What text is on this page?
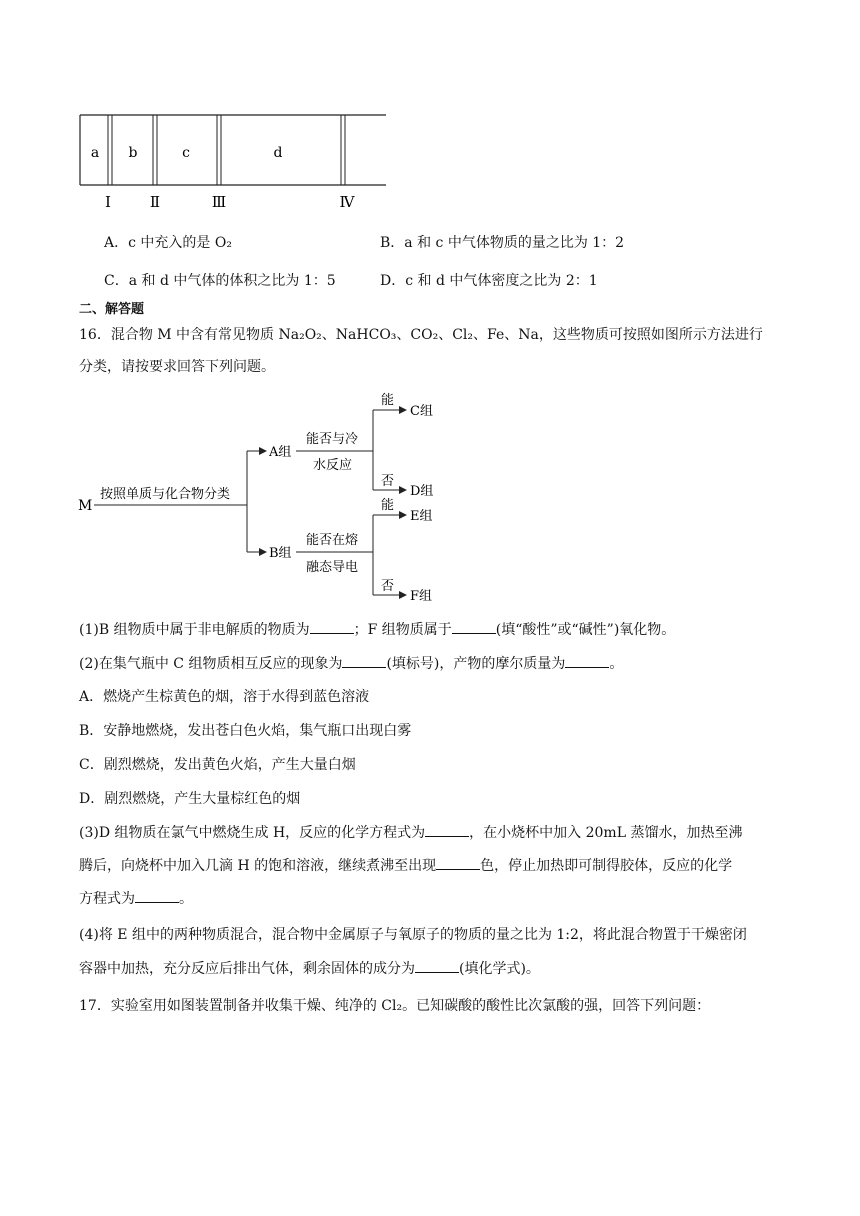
a b	c	d
Ⅰ	Ⅱ	Ⅲ	Ⅳ
A．c 中充入的是 O₂	B．a 和 c 中气体物质的量之比为 1：2
C．a 和 d 中气体的体积之比为 1：5	D．c 和 d 中气体密度之比为 2：1
二、解答题
16．混合物 M 中含有常见物质 Na₂O₂、NaHCO₃、CO₂、Cl₂、Fe、Na，这些物质可按照如图所示方法进行
分类，请按要求回答下列问题。
M
按照单质与化合物分类
A组
B组
能否与冷
水反应
能
否
C组
D组
能否在熔
融态导电
能
否
E组
F组
(1)B 组物质中属于非电解质的物质为	；F 组物质属于	(填“酸性”或“碱性”)氧化物。
(2)在集气瓶中 C 组物质相互反应的现象为	(填标号)，产物的摩尔质量为	。
A．燃烧产生棕黄色的烟，溶于水得到蓝色溶液
B．安静地燃烧，发出苍白色火焰，集气瓶口出现白雾
C．剧烈燃烧，发出黄色火焰，产生大量白烟
D．剧烈燃烧，产生大量棕红色的烟
(3)D 组物质在氯气中燃烧生成 H，反应的化学方程式为	，在小烧杯中加入 20mL 蒸馏水，加热至沸
腾后，向烧杯中加入几滴 H 的饱和溶液，继续煮沸至出现	色，停止加热即可制得胶体，反应的化学
方程式为	。
(4)将 E 组中的两种物质混合，混合物中金属原子与氧原子的物质的量之比为 1:2，将此混合物置于干燥密闭
容器中加热，充分反应后排出气体，剩余固体的成分为	(填化学式)。
17．实验室用如图装置制备并收集干燥、纯净的 Cl₂。已知碳酸的酸性比次氯酸的强，回答下列问题：
